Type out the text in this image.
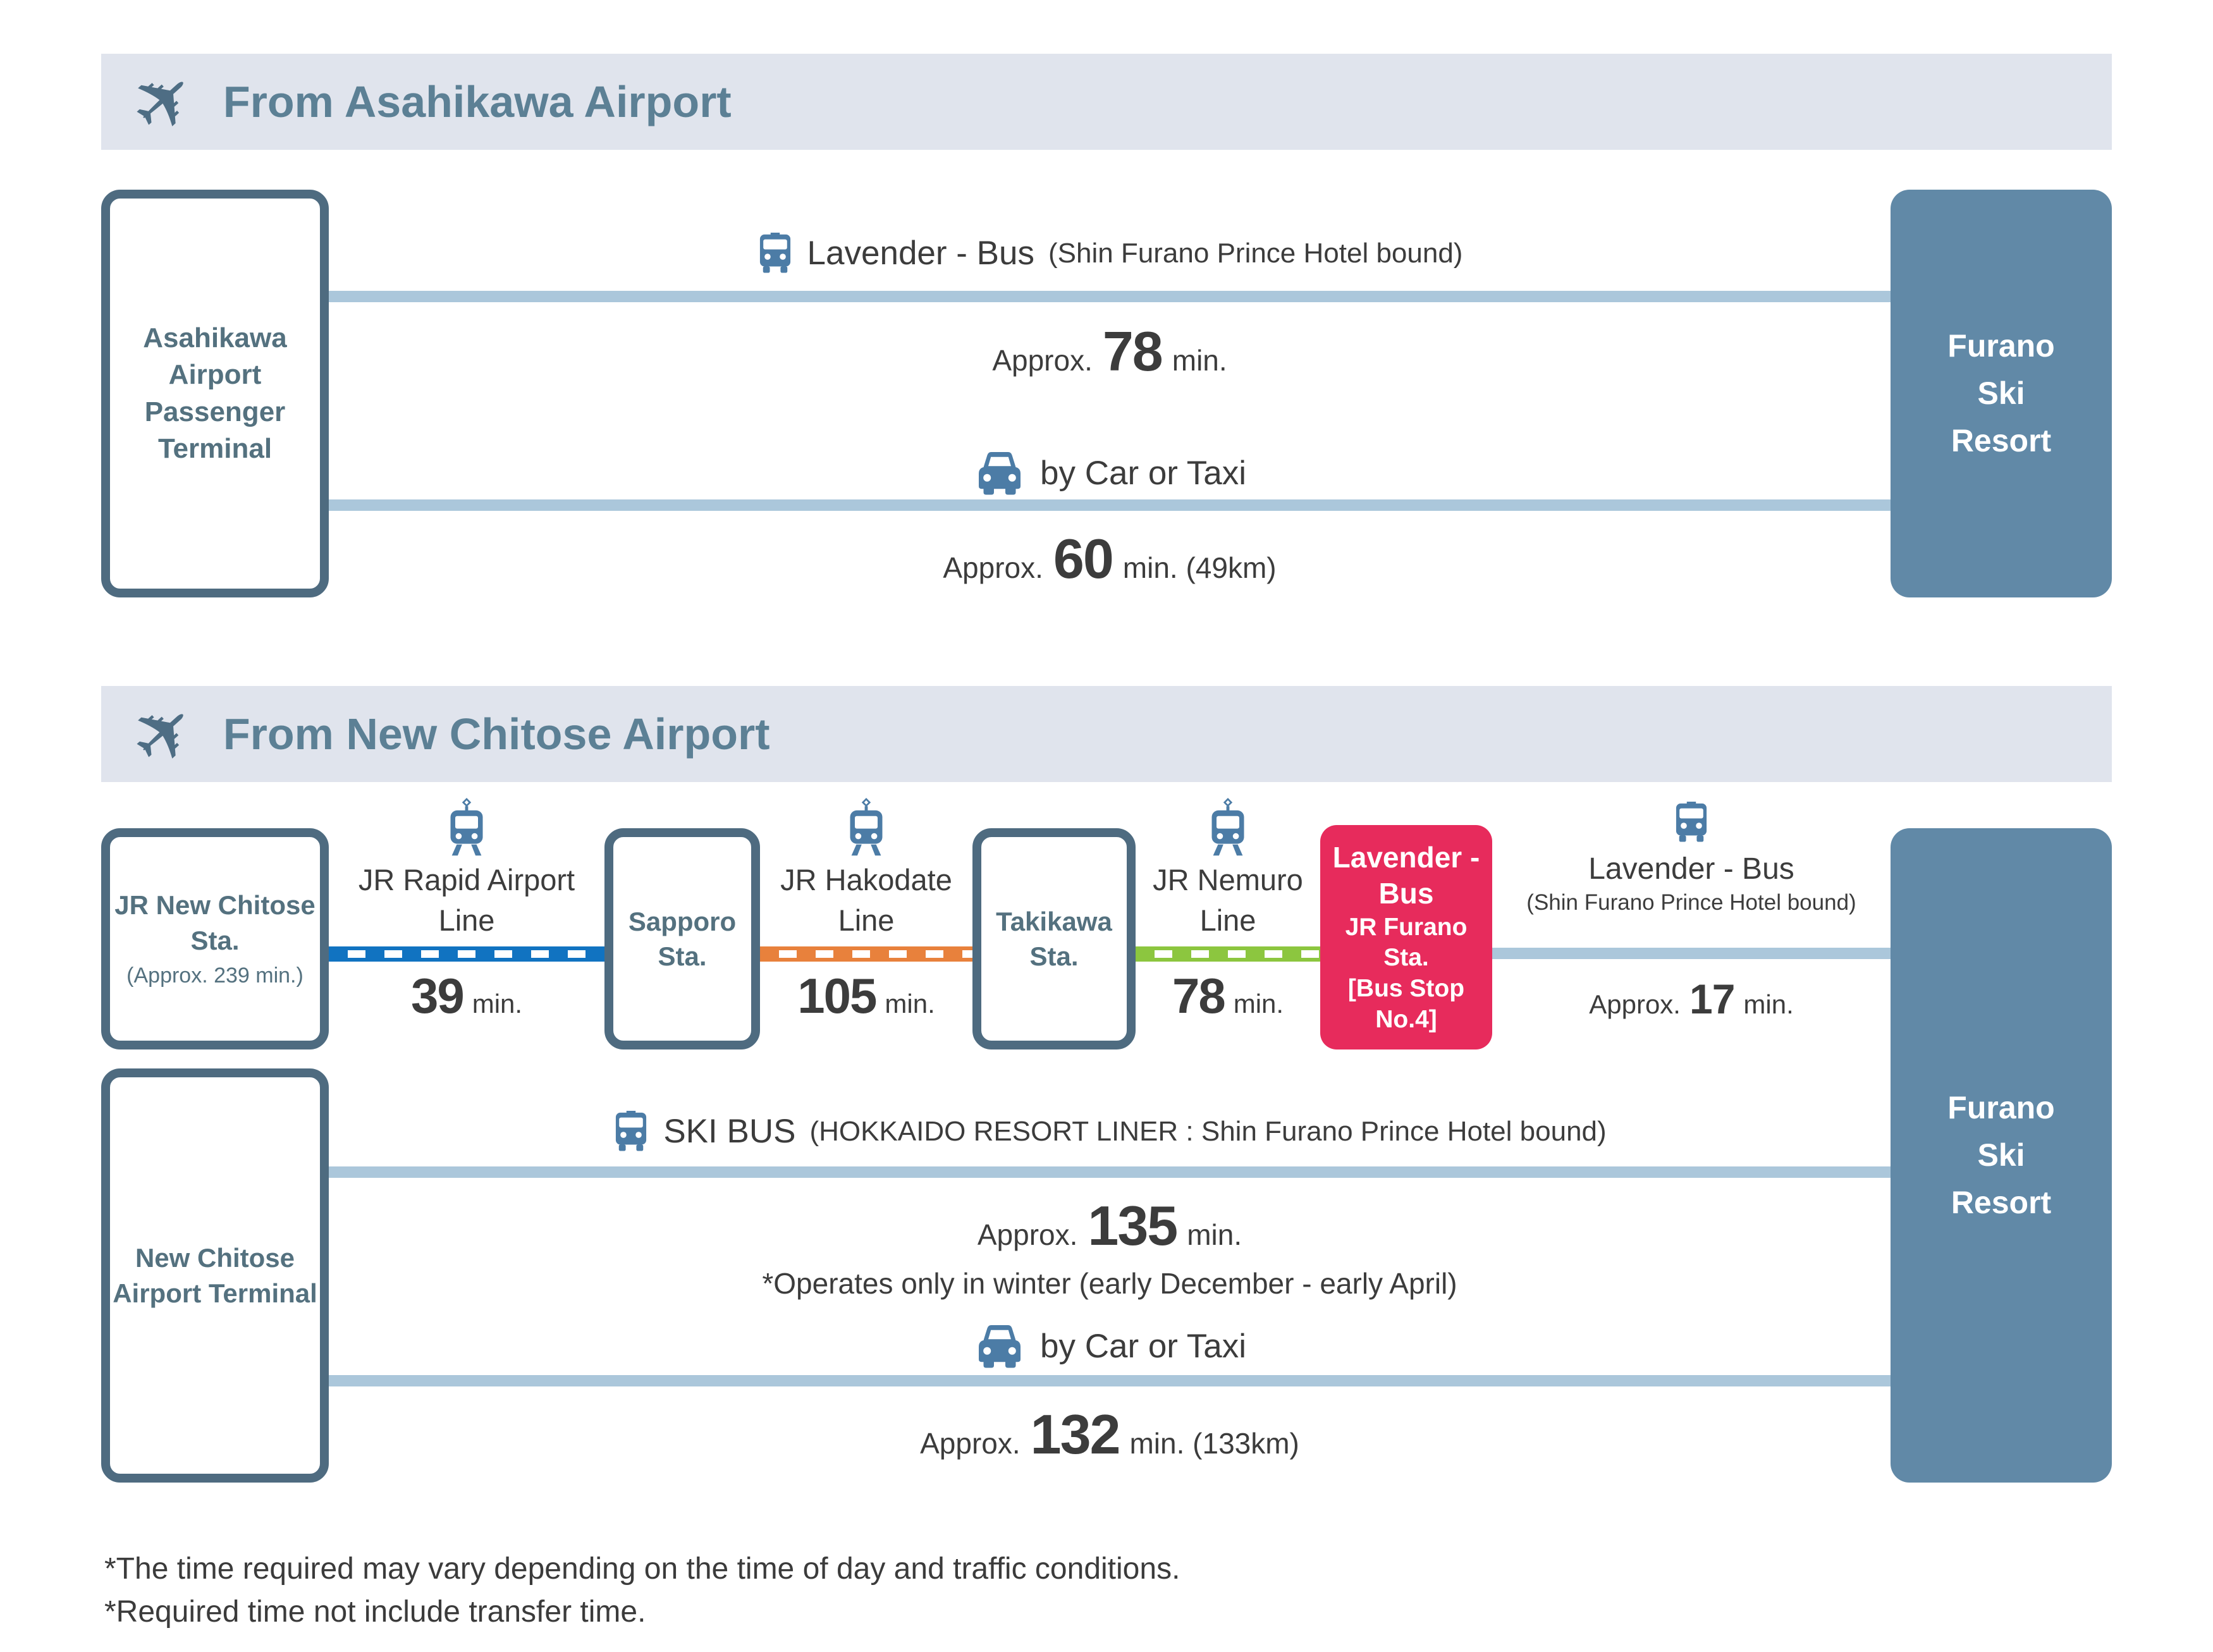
✈ From Asahikawa Airport
Asahikawa
Airport
Passenger
Terminal
Furano
Ski
Resort
Lavender - Bus (Shin Furano Prince Hotel bound)
Approx. 78 min.
by Car or Taxi
Approx. 60 min. (49km)
✈ From New Chitose Airport
JR New Chitose
Sta.
(Approx. 239 min.)
Sapporo
Sta.
Takikawa
Sta.
Lavender -
Bus
JR Furano Sta.
[Bus Stop
No.4]
Furano
Ski
Resort
JR Rapid Airport
Line
JR Hakodate
Line
JR Nemuro
Line
Lavender - Bus
(Shin Furano Prince Hotel bound)
39 min.	105 min.	78 min.	Approx. 17 min.
New Chitose
Airport Terminal
SKI BUS (HOKKAIDO RESORT LINER : Shin Furano Prince Hotel bound)
Approx. 135 min.
*Operates only in winter (early December - early April)
by Car or Taxi
Approx. 132 min. (133km)
*The time required may vary depending on the time of day and traffic conditions.
*Required time not include transfer time.
